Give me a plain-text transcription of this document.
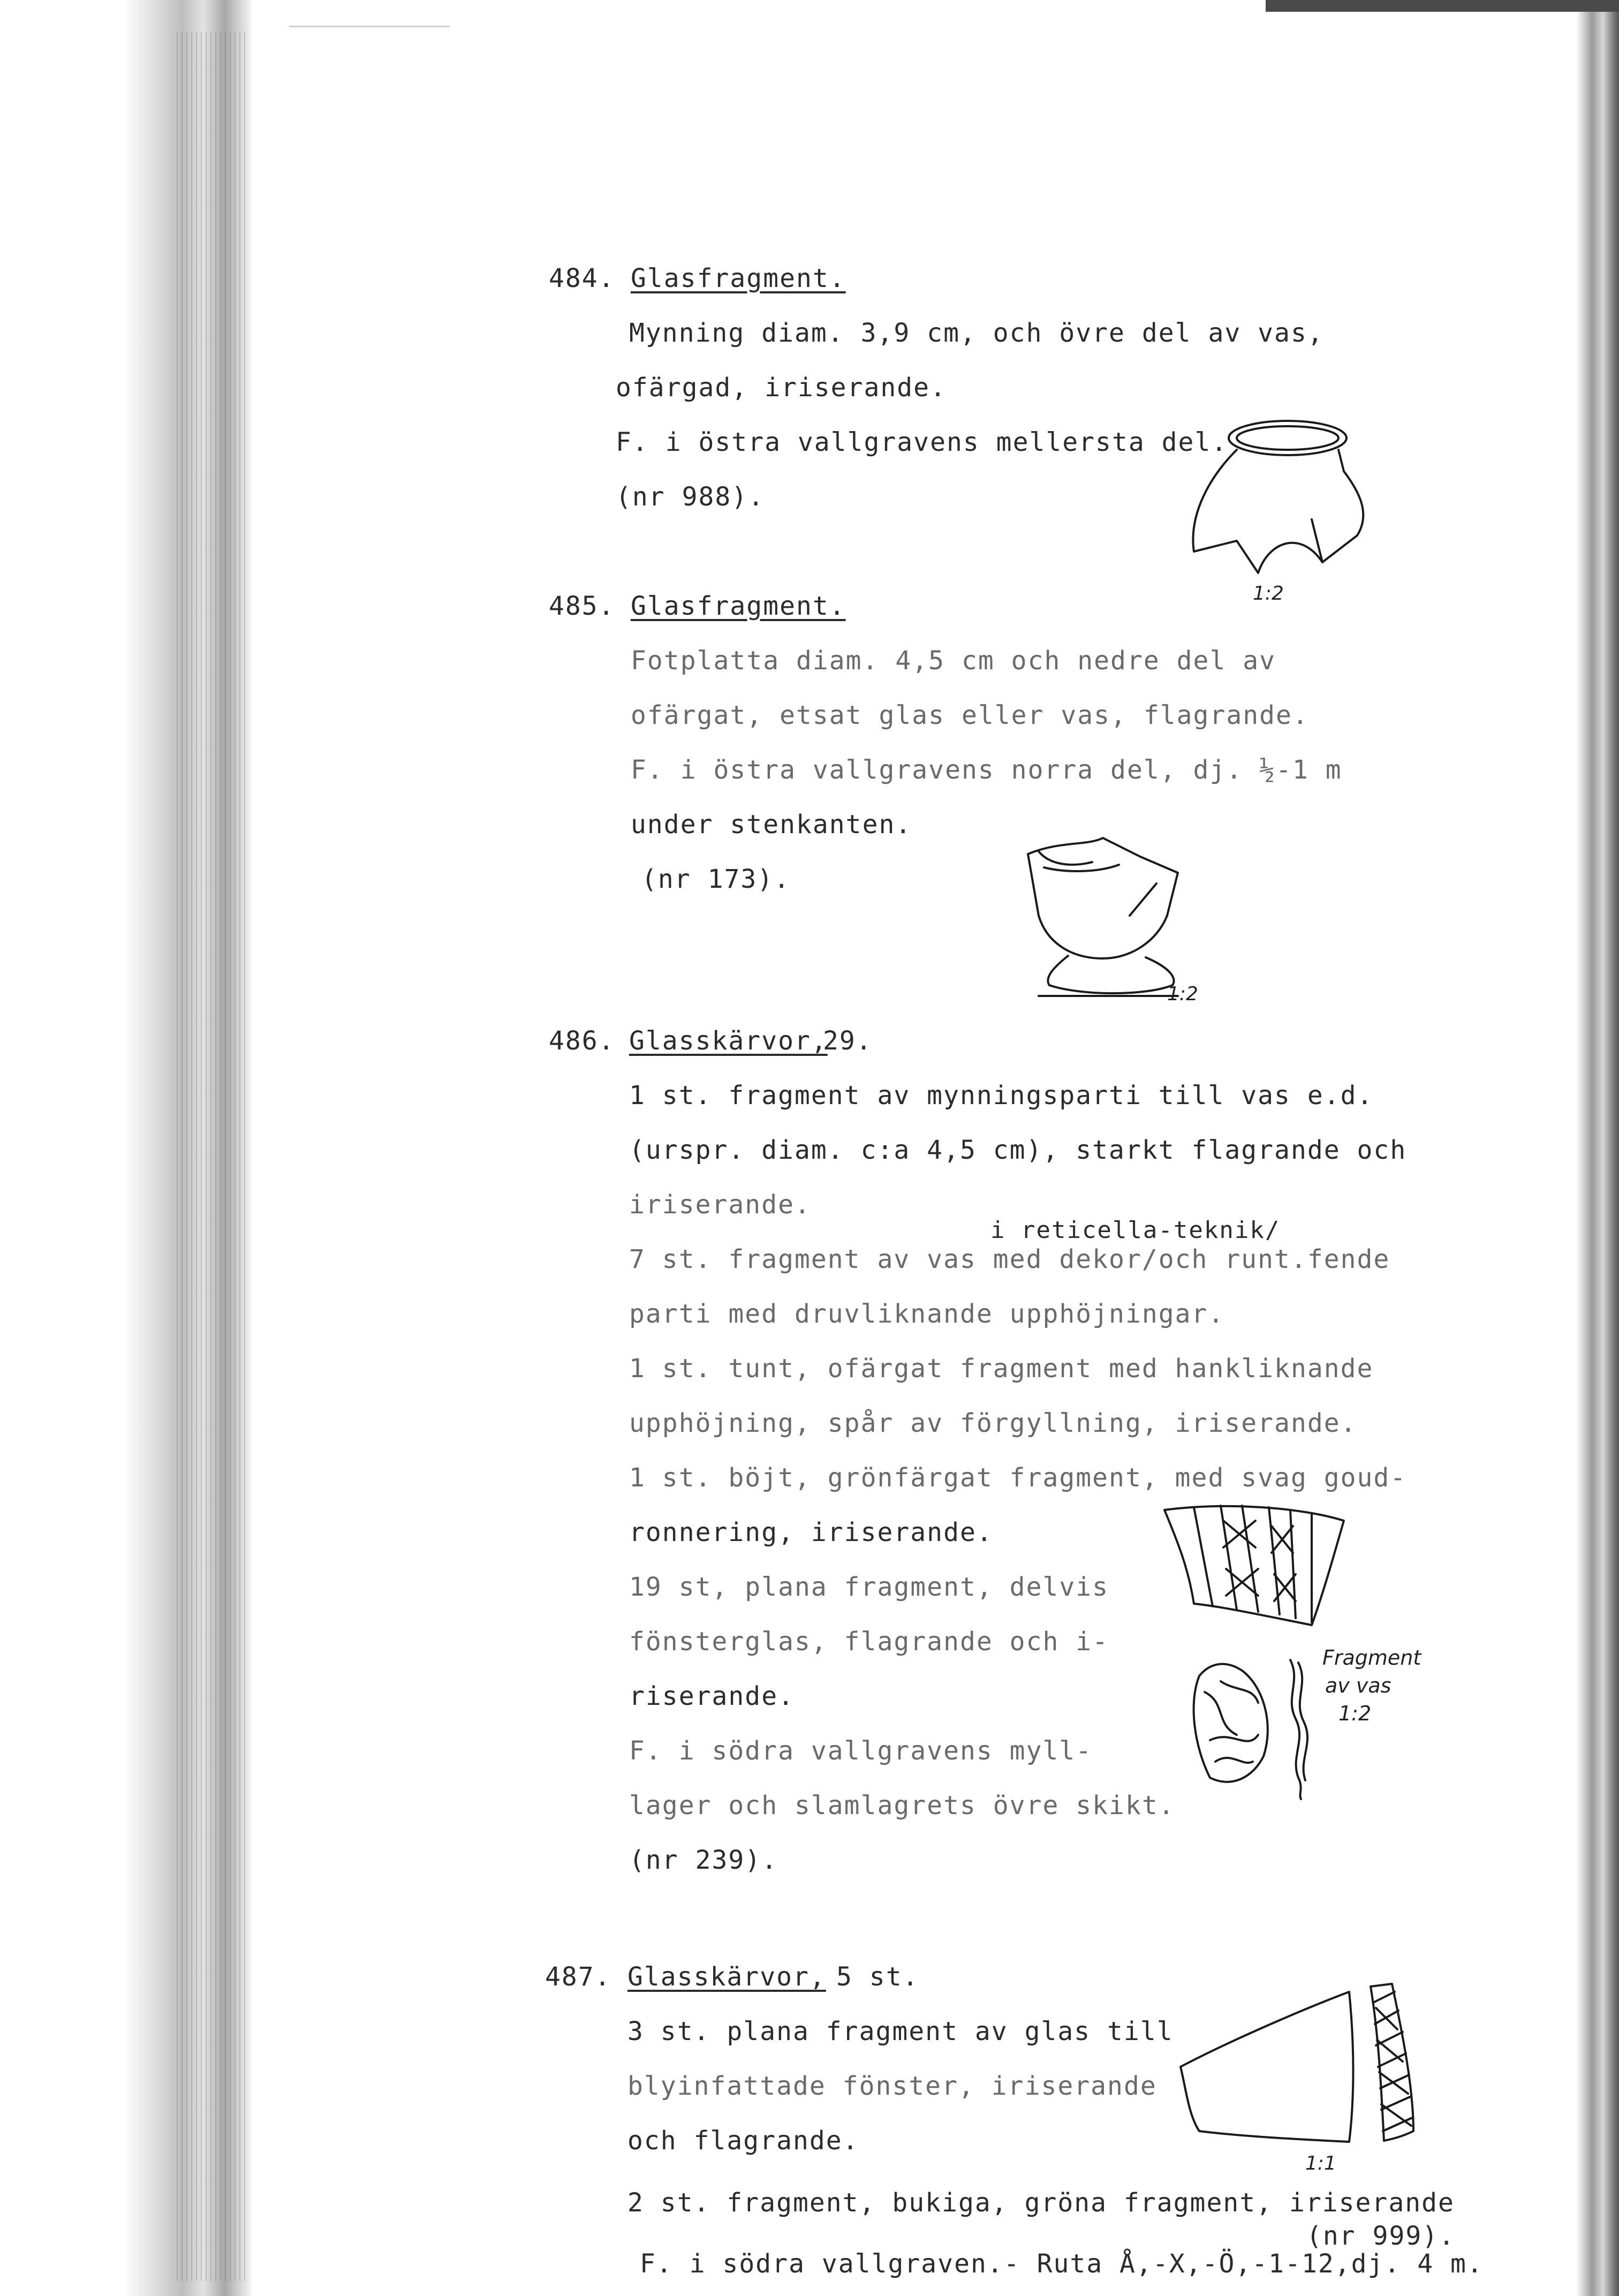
484. Glasfragment.
Mynning diam. 3,9 cm, och övre del av vas,
ofärgad, iriserande.
F. i östra vallgravens mellersta del.
(nr 988).
1:2
485. Glasfragment.
Fotplatta diam. 4,5 cm och nedre del av
ofärgat, etsat glas eller vas, flagrande.
F. i östra vallgravens norra del, dj. ½-1 m
under stenkanten.
(nr 173).
1:2
486. Glasskärvor,
29.
1 st. fragment av mynningsparti till vas e.d.
(urspr. diam. c:a 4,5 cm), starkt flagrande och
iriserande.
i reticella-teknik/
7 st. fragment av vas med dekor/och runt.fende
parti med druvliknande upphöjningar.
1 st. tunt, ofärgat fragment med hankliknande
upphöjning, spår av förgyllning, iriserande.
1 st. böjt, grönfärgat fragment, med svag goud-
ronnering, iriserande.
19 st, plana fragment, delvis
fönsterglas, flagrande och i-
riserande.
F. i södra vallgravens myll-
lager och slamlagrets övre skikt.
(nr 239).
Fragment
av vas
1:2
487. Glasskärvor, 5 st.
3 st. plana fragment av glas till
blyinfattade fönster, iriserande
och flagrande.
2 st. fragment, bukiga, gröna fragment, iriserande
(nr 999).
F. i södra vallgraven.- Ruta Å,-X,-Ö,-1-12,dj. 4 m.
1:1
